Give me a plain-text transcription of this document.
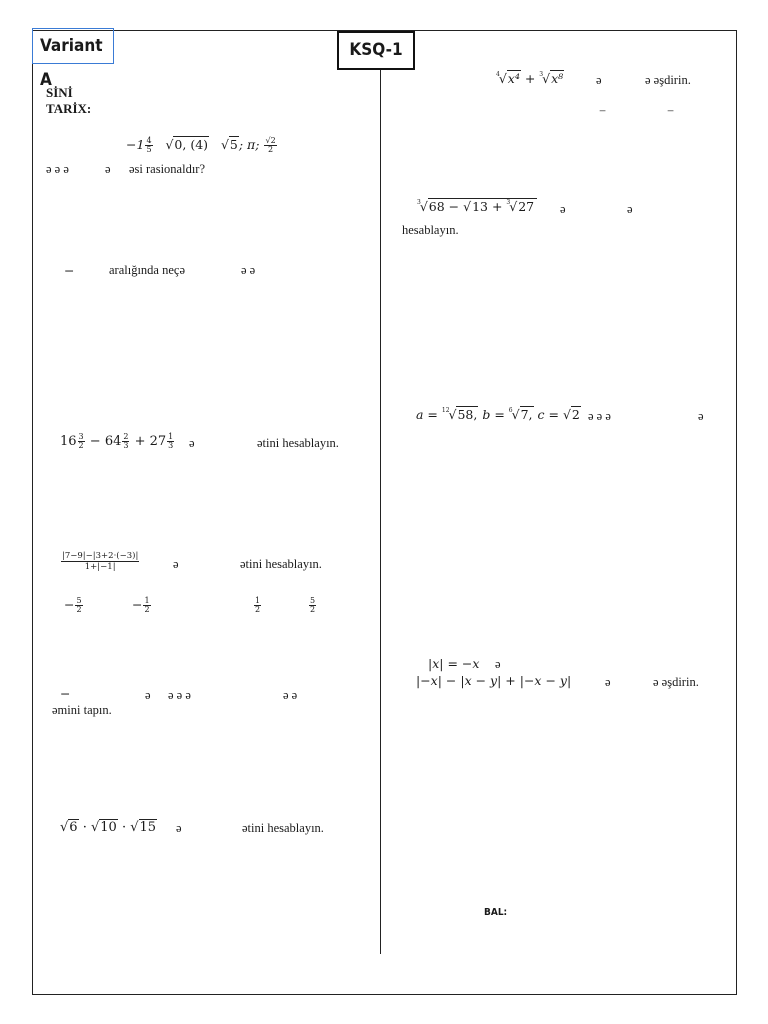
Variant A
KSQ-1
SİNİ
TARİX:
$-1 \frac{4}{5} √0$, (4)   √5; π; $\frac{√2}{2}$
ə ə ə	ə əsi rasionaldır?
−	aralığında neçə	ə ə
$16 \frac{3}{2} - 64 \frac{2}{3} + 27 \frac{1}{3}$ ə	ətini hesablayın.
$\frac{|7-9|-|3+2\cdot(-3)|}{1+|-1|}$	ə	ətini hesablayın.
− $\frac{5}{2}$	− $\frac{1}{2}$	$\frac{1}{2}$	$\frac{5}{2}$
−	ə ə ə ə	ə ə
əmini tapın.
√6 · √10 · √15 ə	ətini hesablayın.
$^4$√x⁴ + $^3$√x⁸	ə	ə əşdirin.
−	−
$^3$√68 − √13 + $^3$√27 ə	ə
hesablayın.
a = $^{12}$√58, b = $^6$√7, c = √2 ə ə ə	ə
|x| = −x ə
|−x| − |x − y| + |−x − y|	ə	ə əşdirin.
BAL:
